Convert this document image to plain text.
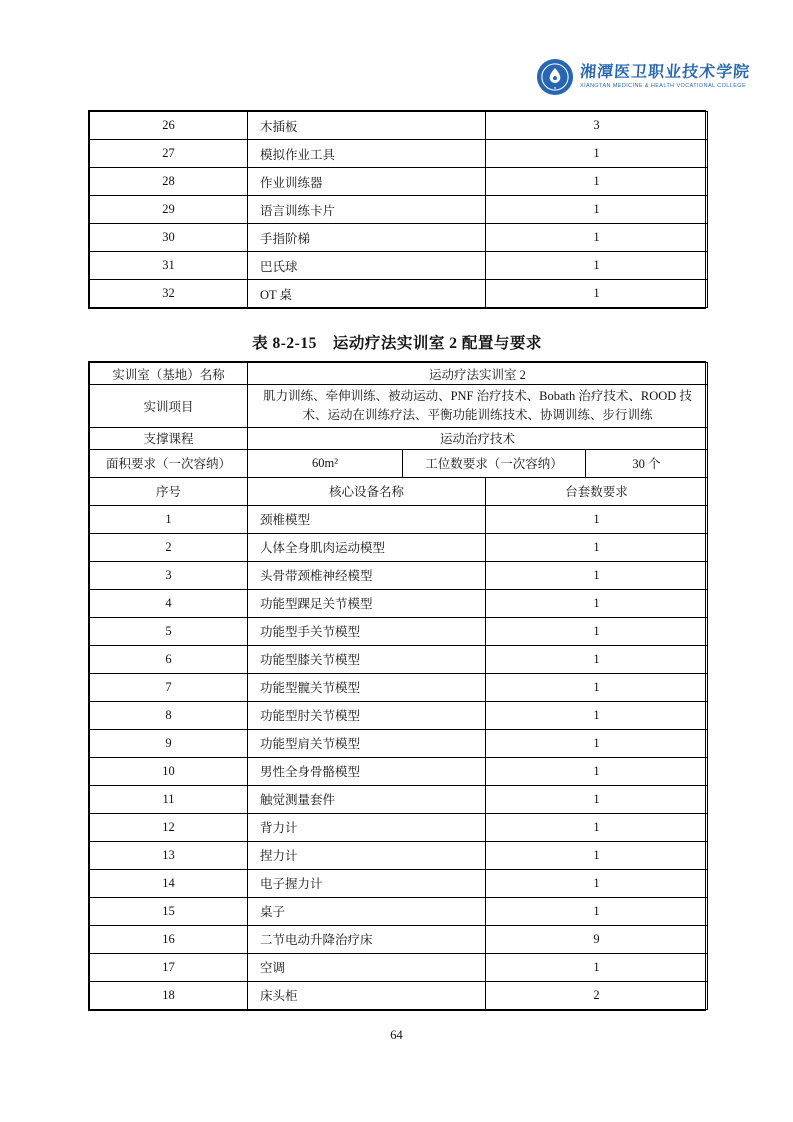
湘潭医卫职业技术学院
XIANGTAN MEDICINE & HEALTH VOCATIONAL COLLEGE
26	木插板	3
27	模拟作业工具	1
28	作业训练器	1
29	语言训练卡片	1
30	手指阶梯	1
31	巴氏球	1
32	OT 桌	1
表 8-2-15　运动疗法实训室 2 配置与要求
实训室（基地）名称	运动疗法实训室 2
实训项目	肌力训练、牵伸训练、被动运动、PNF 治疗技术、Bobath 治疗技术、ROOD 技术、运动在训练疗法、平衡功能训练技术、协调训练、步行训练
支撑课程	运动治疗技术
面积要求（一次容纳）	60m²	工位数要求（一次容纳）	30 个
序号	核心设备名称	台套数要求
1	颈椎模型	1
2	人体全身肌肉运动模型	1
3	头骨带颈椎神经模型	1
4	功能型踝足关节模型	1
5	功能型手关节模型	1
6	功能型膝关节模型	1
7	功能型髋关节模型	1
8	功能型肘关节模型	1
9	功能型肩关节模型	1
10	男性全身骨骼模型	1
11	触觉测量套件	1
12	背力计	1
13	捏力计	1
14	电子握力计	1
15	桌子	1
16	二节电动升降治疗床	9
17	空调	1
18	床头柜	2
64
